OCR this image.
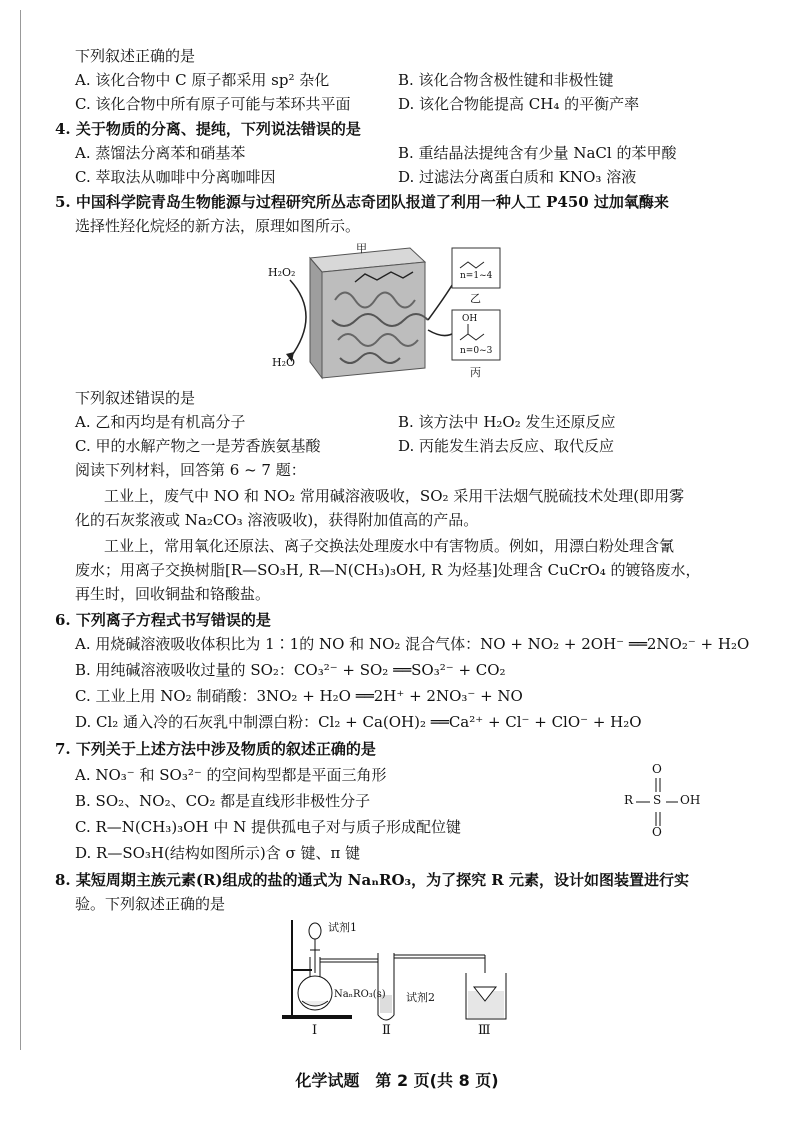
下列叙述正确的是
A. 该化合物中 C 原子都采用 sp² 杂化	B. 该化合物含极性键和非极性键
C. 该化合物中所有原子可能与苯环共平面	D. 该化合物能提高 CH₄ 的平衡产率
4. 关于物质的分离、提纯，下列说法错误的是
A. 蒸馏法分离苯和硝基苯	B. 重结晶法提纯含有少量 NaCl 的苯甲酸
C. 萃取法从咖啡中分离咖啡因	D. 过滤法分离蛋白质和 KNO₃ 溶液
5. 中国科学院青岛生物能源与过程研究所丛志奇团队报道了利用一种人工 P450 过加氧酶来
选择性羟化烷烃的新方法，原理如图所示。
H₂O₂
H₂O
甲
n=1~4
乙
OH
n=0~3
丙
下列叙述错误的是
A. 乙和丙均是有机高分子	B. 该方法中 H₂O₂ 发生还原反应
C. 甲的水解产物之一是芳香族氨基酸	D. 丙能发生消去反应、取代反应
阅读下列材料，回答第 6 ~ 7 题：
工业上，废气中 NO 和 NO₂ 常用碱溶液吸收，SO₂ 采用干法烟气脱硫技术处理(即用雾
化的石灰浆液或 Na₂CO₃ 溶液吸收)，获得附加值高的产品。
工业上，常用氧化还原法、离子交换法处理废水中有害物质。例如，用漂白粉处理含氰
废水；用离子交换树脂[R—SO₃H, R—N(CH₃)₃OH, R 为烃基]处理含 CuCrO₄ 的镀铬废水，
再生时，回收铜盐和铬酸盐。
6. 下列离子方程式书写错误的是
A. 用烧碱溶液吸收体积比为 1∶1的 NO 和 NO₂ 混合气体：NO + NO₂ + 2OH⁻ ══2NO₂⁻ + H₂O
B. 用纯碱溶液吸收过量的 SO₂：CO₃²⁻ + SO₂ ══SO₃²⁻ + CO₂
C. 工业上用 NO₂ 制硝酸：3NO₂ + H₂O ══2H⁺ + 2NO₃⁻ + NO
D. Cl₂ 通入冷的石灰乳中制漂白粉：Cl₂ + Ca(OH)₂ ══Ca²⁺ + Cl⁻ + ClO⁻ + H₂O
7. 下列关于上述方法中涉及物质的叙述正确的是
A. NO₃⁻ 和 SO₃²⁻ 的空间构型都是平面三角形
B. SO₂、NO₂、CO₂ 都是直线形非极性分子
C. R—N(CH₃)₃OH 中 N 提供孤电子对与质子形成配位键
D. R—SO₃H(结构如图所示)含 σ 键、π 键
O
R S OH
O
8. 某短周期主族元素(R)组成的盐的通式为 NaₙRO₃，为了探究 R 元素，设计如图装置进行实
验。下列叙述正确的是
试剂1
NaₙRO₃(s) 试剂2
Ⅰ	Ⅱ	Ⅲ
化学试题　第 2 页(共 8 页)
